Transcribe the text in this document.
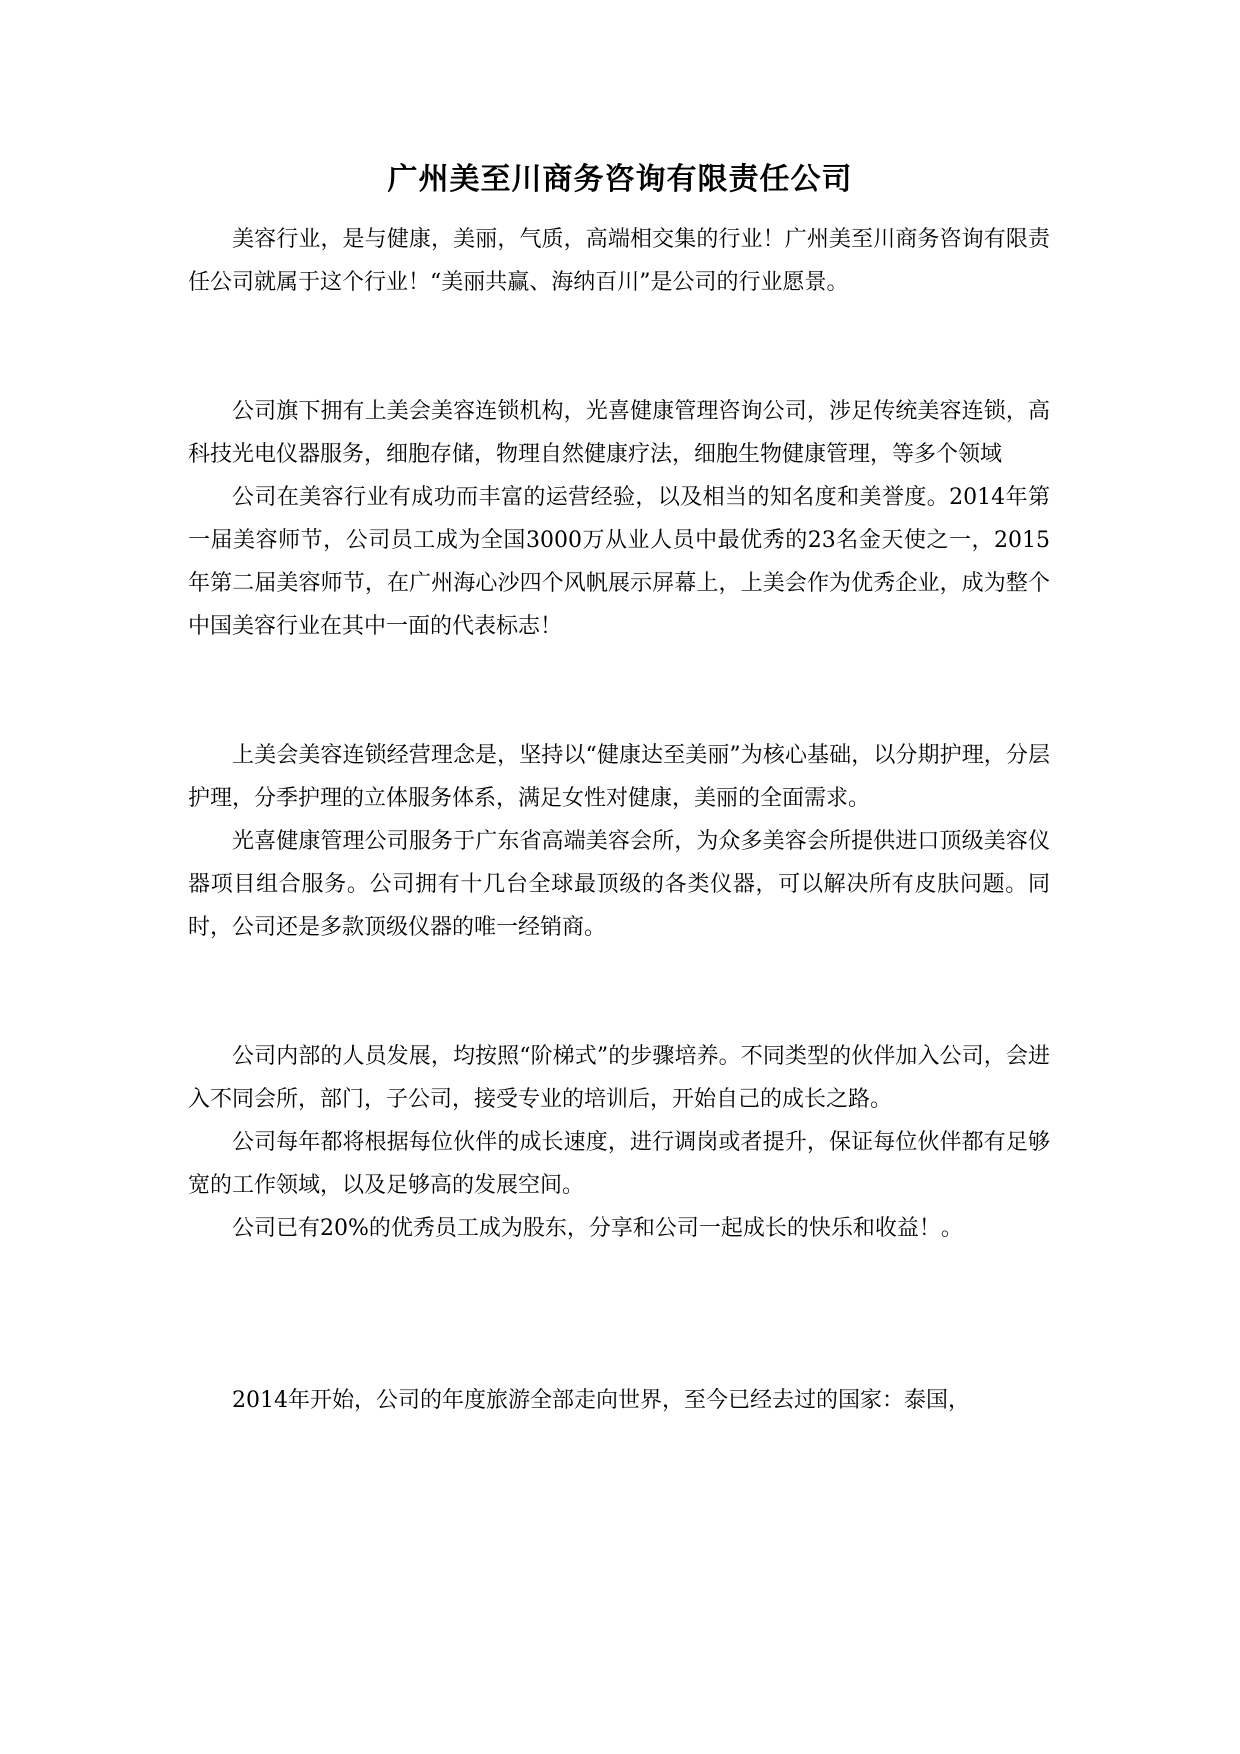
广州美至川商务咨询有限责任公司

美容行业，是与健康，美丽，气质，高端相交集的行业！广州美至川商务咨询有限责任公司就属于这个行业！“美丽共赢、海纳百川”是公司的行业愿景。

公司旗下拥有上美会美容连锁机构，光喜健康管理咨询公司，涉足传统美容连锁，高科技光电仪器服务，细胞存储，物理自然健康疗法，细胞生物健康管理，等多个领域

公司在美容行业有成功而丰富的运营经验，以及相当的知名度和美誉度。2014年第一届美容师节，公司员工成为全国3000万从业人员中最优秀的23名金天使之一，2015年第二届美容师节，在广州海心沙四个风帆展示屏幕上，上美会作为优秀企业，成为整个中国美容行业在其中一面的代表标志！

上美会美容连锁经营理念是，坚持以“健康达至美丽”为核心基础，以分期护理，分层护理，分季护理的立体服务体系，满足女性对健康，美丽的全面需求。

光喜健康管理公司服务于广东省高端美容会所，为众多美容会所提供进口顶级美容仪器项目组合服务。公司拥有十几台全球最顶级的各类仪器，可以解决所有皮肤问题。同时，公司还是多款顶级仪器的唯一经销商。

公司内部的人员发展，均按照“阶梯式”的步骤培养。不同类型的伙伴加入公司，会进入不同会所，部门，子公司，接受专业的培训后，开始自己的成长之路。

公司每年都将根据每位伙伴的成长速度，进行调岗或者提升，保证每位伙伴都有足够宽的工作领域，以及足够高的发展空间。

公司已有20%的优秀员工成为股东，分享和公司一起成长的快乐和收益！。

2014年开始，公司的年度旅游全部走向世界，至今已经去过的国家：泰国，
